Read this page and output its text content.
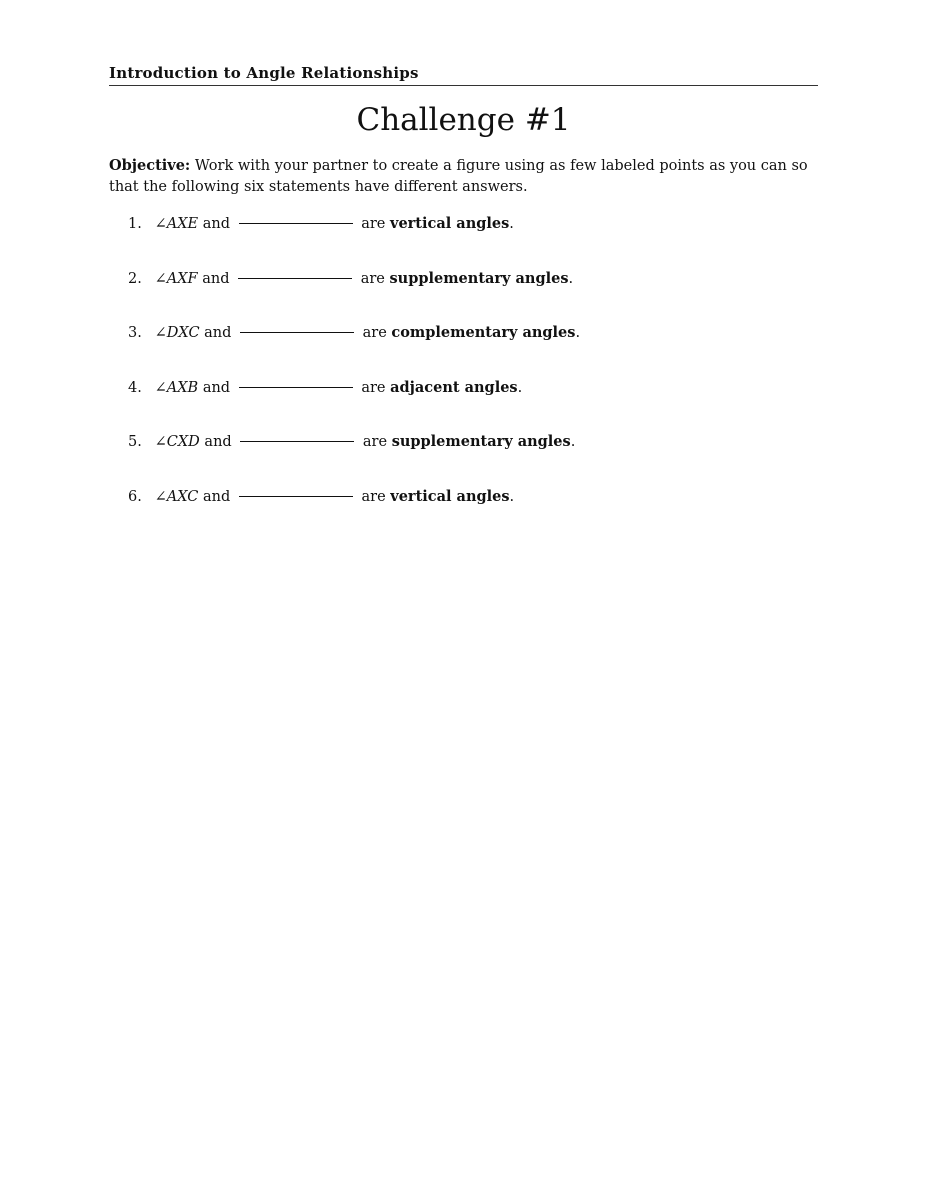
Introduction to Angle Relationships
Challenge #1
Objective: Work with your partner to create a figure using as few labeled points as you can so that the following six statements have different answers.
1. ∠AXE and	are vertical angles.
2. ∠AXF and	are supplementary angles.
3. ∠DXC and	are complementary angles.
4. ∠AXB and	are adjacent angles.
5. ∠CXD and	are supplementary angles.
6. ∠AXC and	are vertical angles.
